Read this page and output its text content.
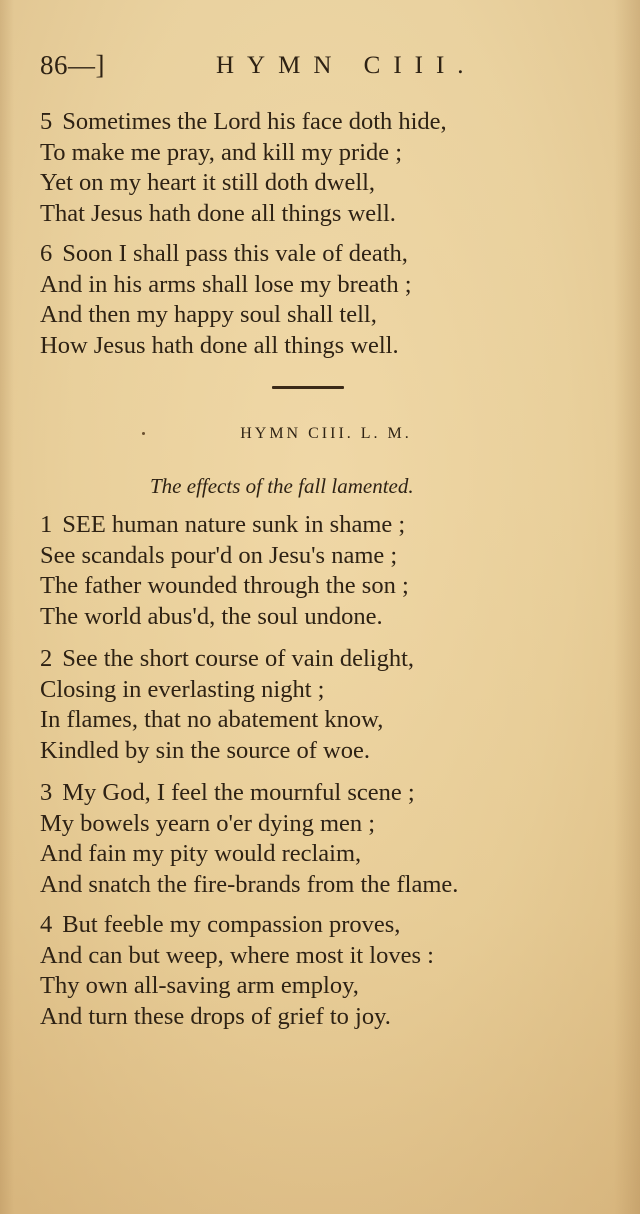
86—]	HYMN CIII.
5 Sometimes the Lord his face doth hide,
To make me pray, and kill my pride ;
Yet on my heart it still doth dwell,
That Jesus hath done all things well.
6 Soon I shall pass this vale of death,
And in his arms shall lose my breath ;
And then my happy soul shall tell,
How Jesus hath done all things well.
HYMN CIII. L. M.
The effects of the fall lamented.
1 SEE human nature sunk in shame ;
See scandals pour'd on Jesu's name ;
The father wounded through the son ;
The world abus'd, the soul undone.
2 See the short course of vain delight,
Closing in everlasting night ;
In flames, that no abatement know,
Kindled by sin the source of woe.
3 My God, I feel the mournful scene ;
My bowels yearn o'er dying men ;
And fain my pity would reclaim,
And snatch the fire-brands from the flame.
4 But feeble my compassion proves,
And can but weep, where most it loves :
Thy own all-saving arm employ,
And turn these drops of grief to joy.
